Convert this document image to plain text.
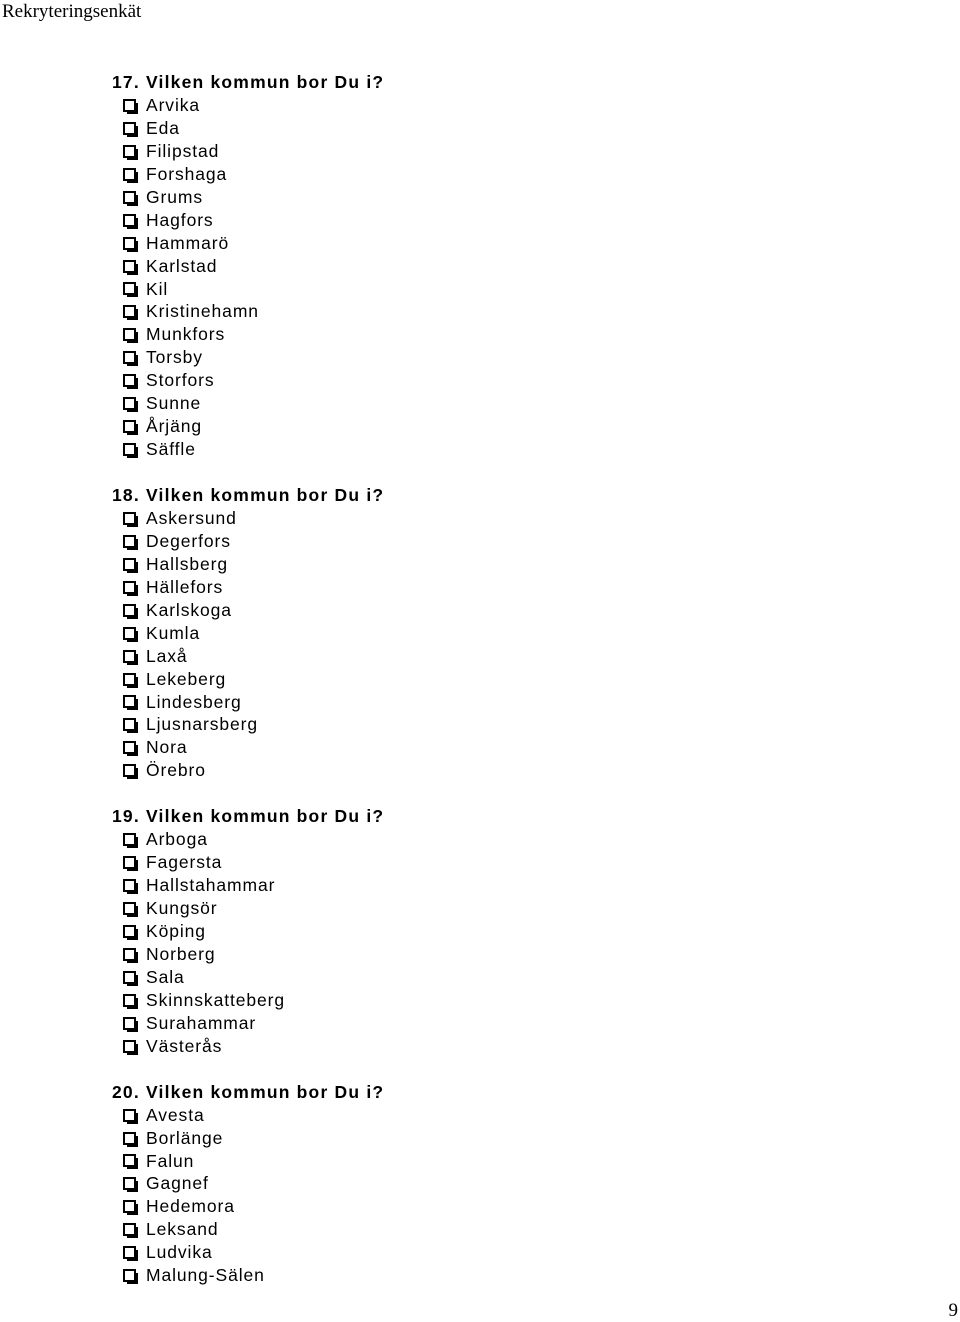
Rekryteringsenkät
17. Vilken kommun bor Du i?
Arvika
Eda
Filipstad
Forshaga
Grums
Hagfors
Hammarö
Karlstad
Kil
Kristinehamn
Munkfors
Torsby
Storfors
Sunne
Årjäng
Säffle
18. Vilken kommun bor Du i?
Askersund
Degerfors
Hallsberg
Hällefors
Karlskoga
Kumla
Laxå
Lekeberg
Lindesberg
Ljusnarsberg
Nora
Örebro
19. Vilken kommun bor Du i?
Arboga
Fagersta
Hallstahammar
Kungsör
Köping
Norberg
Sala
Skinnskatteberg
Surahammar
Västerås
20. Vilken kommun bor Du i?
Avesta
Borlänge
Falun
Gagnef
Hedemora
Leksand
Ludvika
Malung-Sälen
9
